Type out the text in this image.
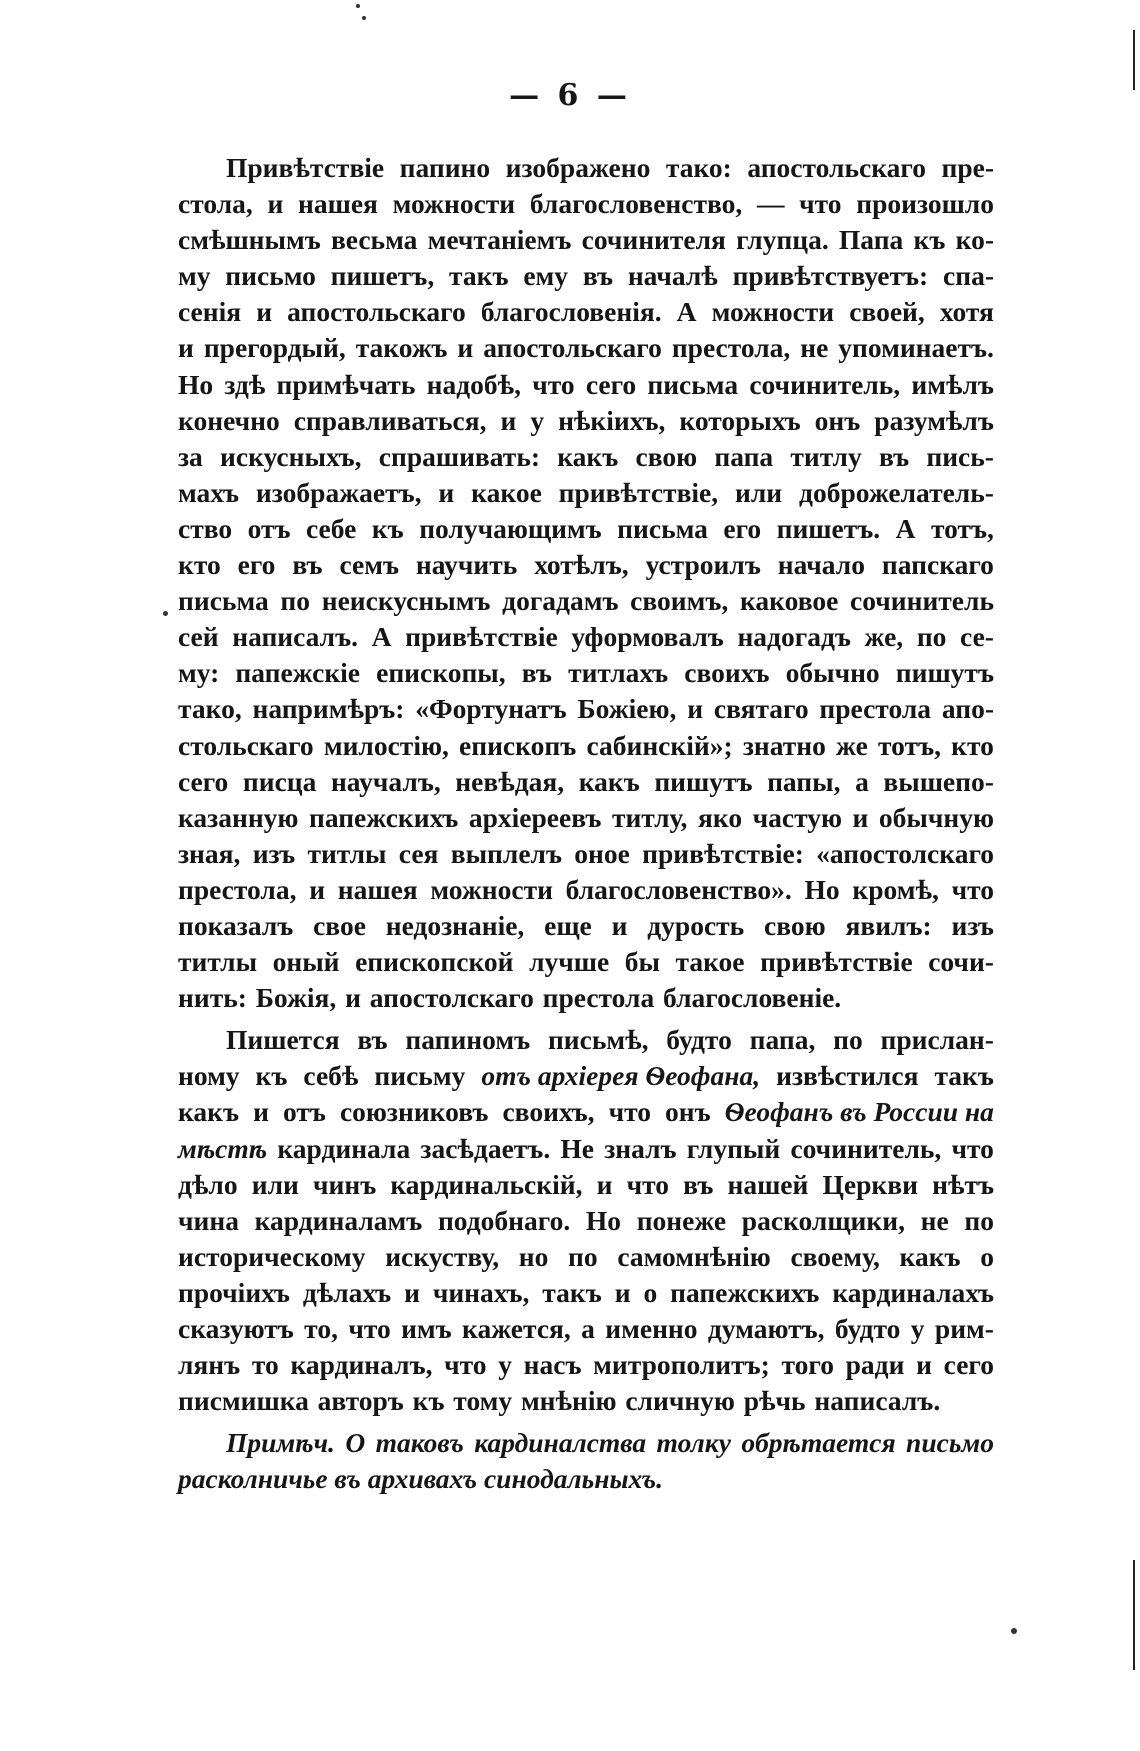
— 6 —
Привѣтствіе папино изображено тако: апостольскаго пре-
стола, и нашея можности благословенство, — что произошло
смѣшнымъ весьма мечтаніемъ сочинителя глупца. Папа къ ко-
му письмо пишетъ, такъ ему въ началѣ привѣтствуетъ: спа-
сенія и апостольскаго благословенія. А можности своей, хотя
и прегордый, такожъ и апостольскаго престола, не упоминаетъ.
Но здѣ примѣчать надобѣ, что сего письма сочинитель, имѣлъ
конечно справливаться, и у нѣкіихъ, которыхъ онъ разумѣлъ
за искусныхъ, спрашивать: какъ свою папа титлу въ пись-
махъ изображаетъ, и какое привѣтствіе, или доброжелатель-
ство отъ себе къ получающимъ письма его пишетъ. А тотъ,
кто его въ семъ научить хотѣлъ, устроилъ начало папскаго
письма по неискуснымъ догадамъ своимъ, каковое сочинитель
сей написалъ. А привѣтствіе уформовалъ надогадъ же, по се-
му: папежскіе епископы, въ титлахъ своихъ обычно пишутъ
тако, напримѣръ: «Фортунатъ Божіею, и святаго престола апо-
стольскаго милостію, епископъ сабинскій»; знатно же тотъ, кто
сего писца научалъ, невѣдая, какъ пишутъ папы, а вышепо-
казанную папежскихъ архіереевъ титлу, яко частую и обычную
зная, изъ титлы сея выплелъ оное привѣтствіе: «апостолскаго
престола, и нашея можности благословенство». Но кромѣ, что
показалъ свое недознаніе, еще и дурость свою явилъ: изъ
титлы оный епископской лучше бы такое привѣтствіе сочи-
нить: Божія, и апостолскаго престола благословеніе.
Пишется въ папиномъ письмѣ, будто папа, по прислан-
ному къ себѣ письму отъ архіерея Ѳеофана, извѣстился такъ
какъ и отъ союзниковъ своихъ, что онъ Ѳеофанъ въ России на
мѣстѣ кардинала засѣдаетъ. Не зналъ глупый сочинитель, что
дѣло или чинъ кардинальскій, и что въ нашей Церкви нѣтъ
чина кардиналамъ подобнаго. Но понеже расколщики, не по
историческому искуству, но по самомнѣнію своему, какъ о
прочіихъ дѣлахъ и чинахъ, такъ и о папежскихъ кардиналахъ
сказуютъ то, что имъ кажется, а именно думаютъ, будто у рим-
лянъ то кардиналъ, что у насъ митрополитъ; того ради и сего
писмишка авторъ къ тому мнѣнію сличную рѣчь написалъ.
Примѣч. О таковъ кардиналства толку обрѣтается письмо
расколничье въ архивахъ синодальныхъ.
